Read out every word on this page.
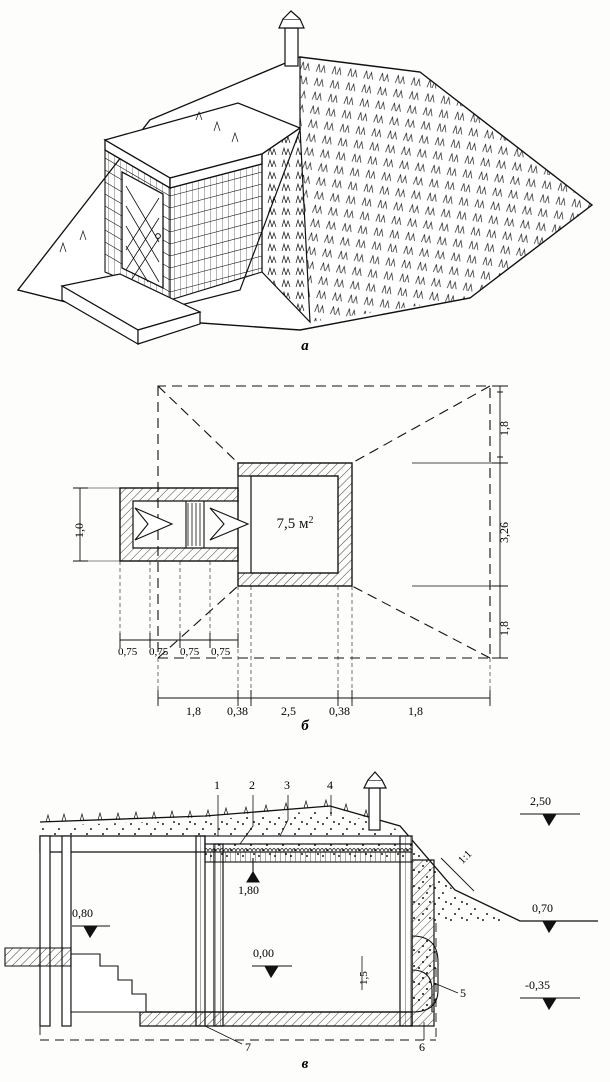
а
7,5 $м^2$
1,8
3,26
1,8
1,0
0,75 0,75 0,75 0,75
1,8 0,38	2,5	0,38	1,8
б
1 2 3	4
5
6
7
2,50
0,70
-0,35
0,80
1,80
0,00
1:1
1,5
в
